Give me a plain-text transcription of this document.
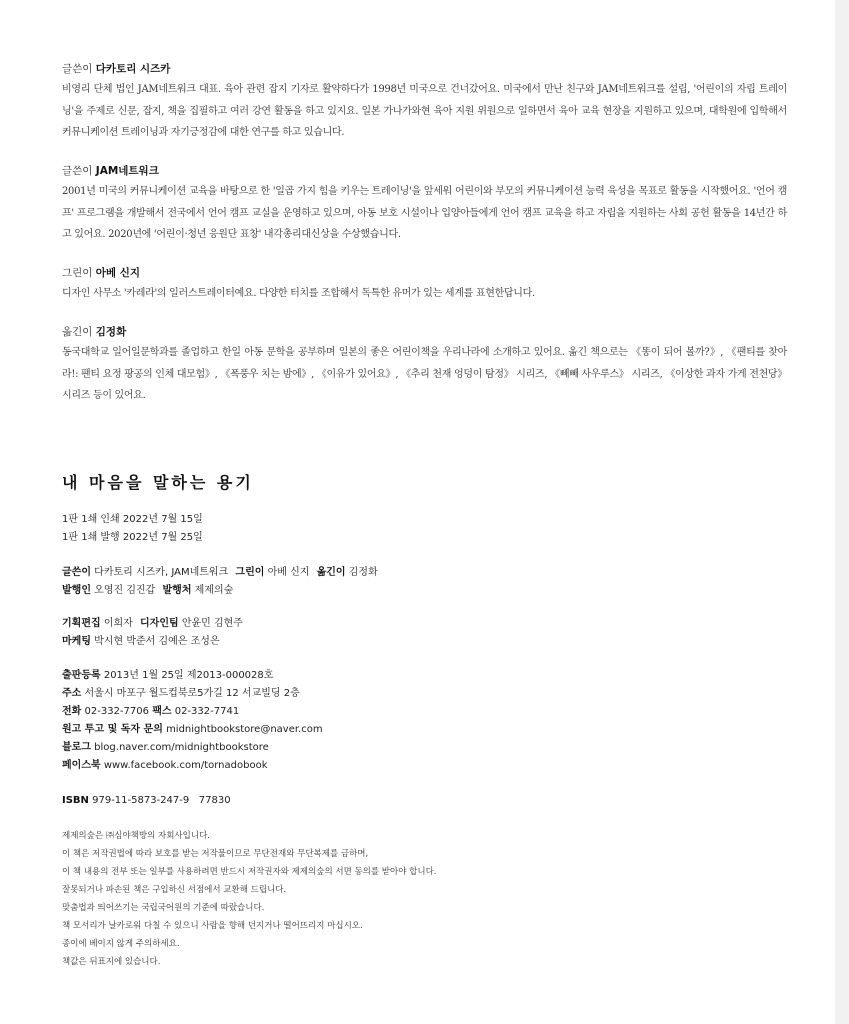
글쓴이 다카토리 시즈카
비영리 단체 법인 JAM네트워크 대표. 육아 관련 잡지 기자로 활약하다가 1998년 미국으로 건너갔어요. 미국에서 만난 친구와 JAM네트워크를 설립, '어린이의 자립 트레이닝'을 주제로 신문, 잡지, 책을 집필하고 여러 강연 활동을 하고 있지요. 일본 가나가와현 육아 지원 위원으로 일하면서 육아 교육 현장을 지원하고 있으며, 대학원에 입학해서 커뮤니케이션 트레이닝과 자기긍정감에 대한 연구를 하고 있습니다.
글쓴이 JAM네트워크
2001년 미국의 커뮤니케이션 교육을 바탕으로 한 '일곱 가지 힘을 키우는 트레이닝'을 앞세워 어린이와 부모의 커뮤니케이션 능력 육성을 목표로 활동을 시작했어요. '언어 캠프' 프로그램을 개발해서 전국에서 언어 캠프 교실을 운영하고 있으며, 아동 보호 시설이나 입양아들에게 언어 캠프 교육을 하고 자립을 지원하는 사회 공헌 활동을 14년간 하고 있어요. 2020년에 '어린이·청년 응원단 표창' 내각총리대신상을 수상했습니다.
그린이 아베 신지
디자인 사무소 '카레라'의 일러스트레이터예요. 다양한 터치를 조합해서 독특한 유머가 있는 세계를 표현한답니다.
옮긴이 김정화
동국대학교 일어일문학과를 졸업하고 한일 아동 문학을 공부하며 일본의 좋은 어린이책을 우리나라에 소개하고 있어요. 옮긴 책으로는 《똥이 되어 볼까?》, 《팬티를 찾아라!: 팬티 요정 팡공의 인체 대모험》, 《폭풍우 치는 밤에》, 《이유가 있어요》, 《추리 천재 엉덩이 탐정》 시리즈, 《빼빼 사우루스》 시리즈, 《이상한 과자 가게 전천당》 시리즈 등이 있어요.
내 마음을 말하는 용기
1판 1쇄 인쇄 2022년 7월 15일
1판 1쇄 발행 2022년 7월 25일
글쓴이 다카토리 시즈카, JAM네트워크 그린이 아베 신지 옮긴이 김정화
발행인 오영진 김진갑 발행처 제제의숲
기획편집 이희자 디자인팀 안윤민 김현주
마케팅 박시현 박준서 김예은 조성은
출판등록 2013년 1월 25일 제2013-000028호
주소 서울시 마포구 월드컵북로5가길 12 서교빌딩 2층
전화 02-332-7706 팩스 02-332-7741
원고 투고 및 독자 문의 midnightbookstore@naver.com
블로그 blog.naver.com/midnightbookstore
페이스북 www.facebook.com/tornadobook
ISBN 979-11-5873-247-9   77830
제제의숲은 ㈜심야책방의 자회사입니다.
이 책은 저작권법에 따라 보호를 받는 저작물이므로 무단전재와 무단복제를 금하며,
이 책 내용의 전부 또는 일부를 사용하려면 반드시 저작권자와 제제의숲의 서면 동의를 받아야 합니다.
잘못되거나 파손된 책은 구입하신 서점에서 교환해 드립니다.
맞춤법과 띄어쓰기는 국립국어원의 기준에 따랐습니다.
책 모서리가 날카로워 다칠 수 있으니 사람을 향해 던지거나 떨어뜨리지 마십시오.
종이에 베이지 않게 주의하세요.
책값은 뒤표지에 있습니다.
